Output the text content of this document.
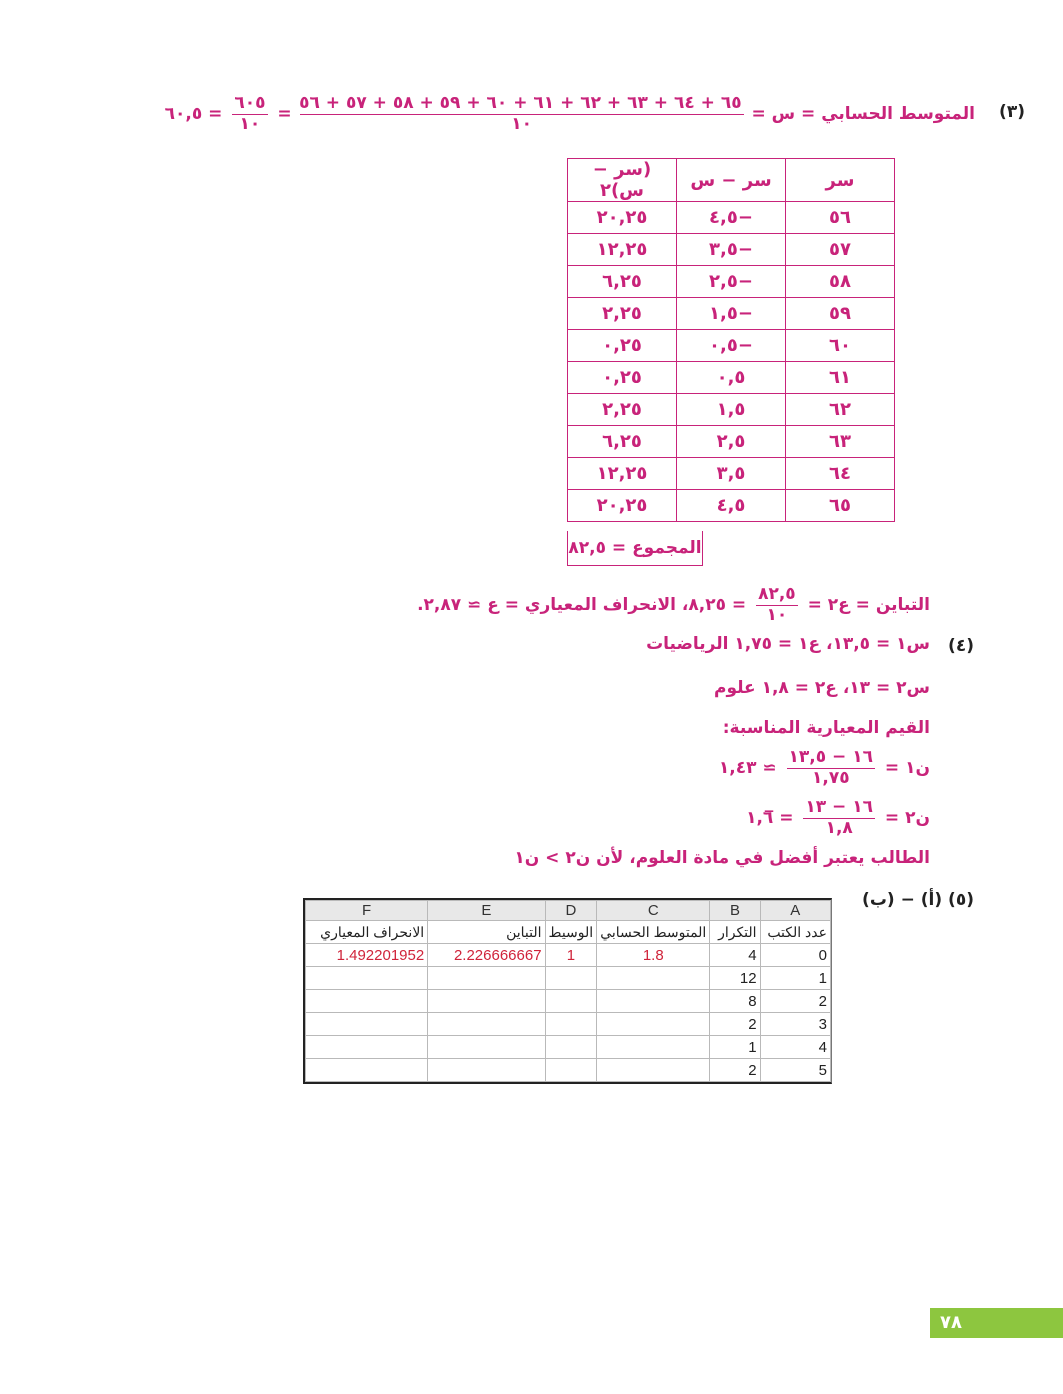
(٣)
المتوسط الحسابي = س =
$\frac{٦٥ + ٦٤ + ٦٣ + ٦٢ + ٦١ + ٦٠ + ٥٩ + ٥٨ + ٥٧ + ٥٦}{١٠}$
=
$\frac{٦٠٥}{١٠}$
= ٦٠,٥
سر	سر − س	(سر − س)٢
٥٦	−٤,٥	٢٠,٢٥
٥٧	−٣,٥	١٢,٢٥
٥٨	−٢,٥	٦,٢٥
٥٩	−١,٥	٢,٢٥
٦٠	−٠,٥	٠,٢٥
٦١	٠,٥	٠,٢٥
٦٢	١,٥	٢,٢٥
٦٣	٢,٥	٦,٢٥
٦٤	٣,٥	١٢,٢٥
٦٥	٤,٥	٢٠,٢٥
المجموع = ٨٢,٥
التباين = ع٢ =
$\frac{٨٢,٥}{١٠}$
= ٨,٢٥، الانحراف المعياري = ع ≃ ٢,٨٧.
(٤)
س١ = ١٣,٥، ع١ = ١,٧٥ الرياضيات
س٢ = ١٣، ع٢ = ١,٨ علوم
القيم المعيارية المناسبة:
ن١ =
$\frac{١٦ - ١٣,٥}{١,٧٥}$
≃ ١,٤٣
ن٢ =
$\frac{١٦ - ١٣}{١,٨}$
= ١,٦̅
الطالب يعتبر أفضل في مادة العلوم، لأن ن٢ > ن١
(٥) (أ) − (ب)
F	E	D	C	B	A
الانحراف المعياري	التباين	الوسيط	المتوسط الحسابي	التكرار	عدد الكتب
1.492201952	2.226666667	1	1.8	4	0
				12	1
				8	2
				2	3
				1	4
				2	5
٧٨
